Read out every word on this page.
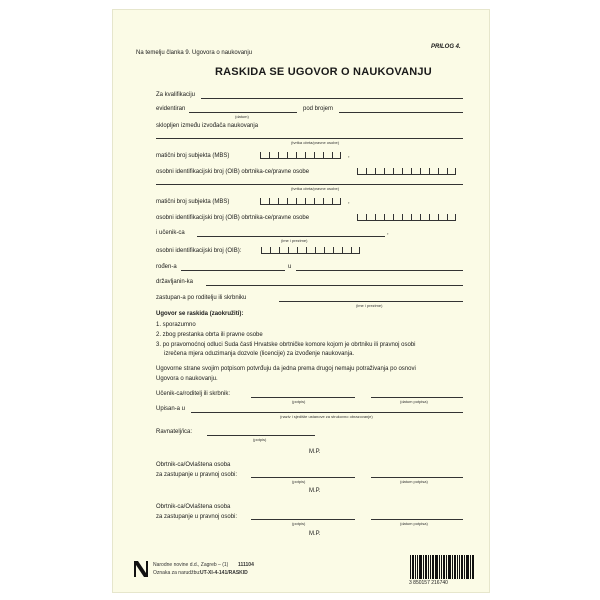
Na temelju članka 9. Ugovora o naukovanju
PRILOG 4.
RASKIDA SE UGOVOR O NAUKOVANJU
Za kvalifikaciju
evidentiran
(datum)
pod brojem
sklopljen između izvođača naukovanja
(tvrtka obrta/pravne osobe)
matični broj subjekta (MBS)	,
osobni identifikacijski broj (OIB) obrtnika-ce/pravne osobe
(tvrtka obrta/pravne osobe)
matični broj subjekta (MBS)	,
osobni identifikacijski broj (OIB) obrtnika-ce/pravne osobe
i učenik-ca	,
(ime i prezime)
osobni identifikacijski broj (OIB):
rođen-a	u
državljanin-ka
zastupan-a po roditelju ili skrbniku
(ime i prezime)
Ugovor se raskida (zaokružiti):
1. sporazumno
2. zbog prestanka obrta ili pravne osobe
3. po pravomoćnoj odluci Suda časti Hrvatske obrtničke komore kojom je obrtniku ili pravnoj osobi
izrečena mjera oduzimanja dozvole (licencije) za izvođenje naukovanja.
Ugovorne strane svojim potpisom potvrđuju da jedna prema drugoj nemaju potraživanja po osnovi
Ugovora o naukovanju.
Učenik-ca/roditelj ili skrbnik:
(potpis)	(datum potpisa)
Upisan-a u
(naziv i sjedište ustanove za strukovno obrazovanje)
Ravnatelj/ica:
(potpis)
M.P.
Obrtnik-ca/Ovlaštena osoba
za zastupanje u pravnoj osobi:
(potpis)	(datum potpisa)
M.P.
Obrtnik-ca/Ovlaštena osoba
za zastupanje u pravnoj osobi:
(potpis)	(datum potpisa)
M.P.
Narodne novine d.d., Zagreb – (1)
Oznaka za narudžbu: UT-XI-4-141/RASKID
111104
3 850157 216740
